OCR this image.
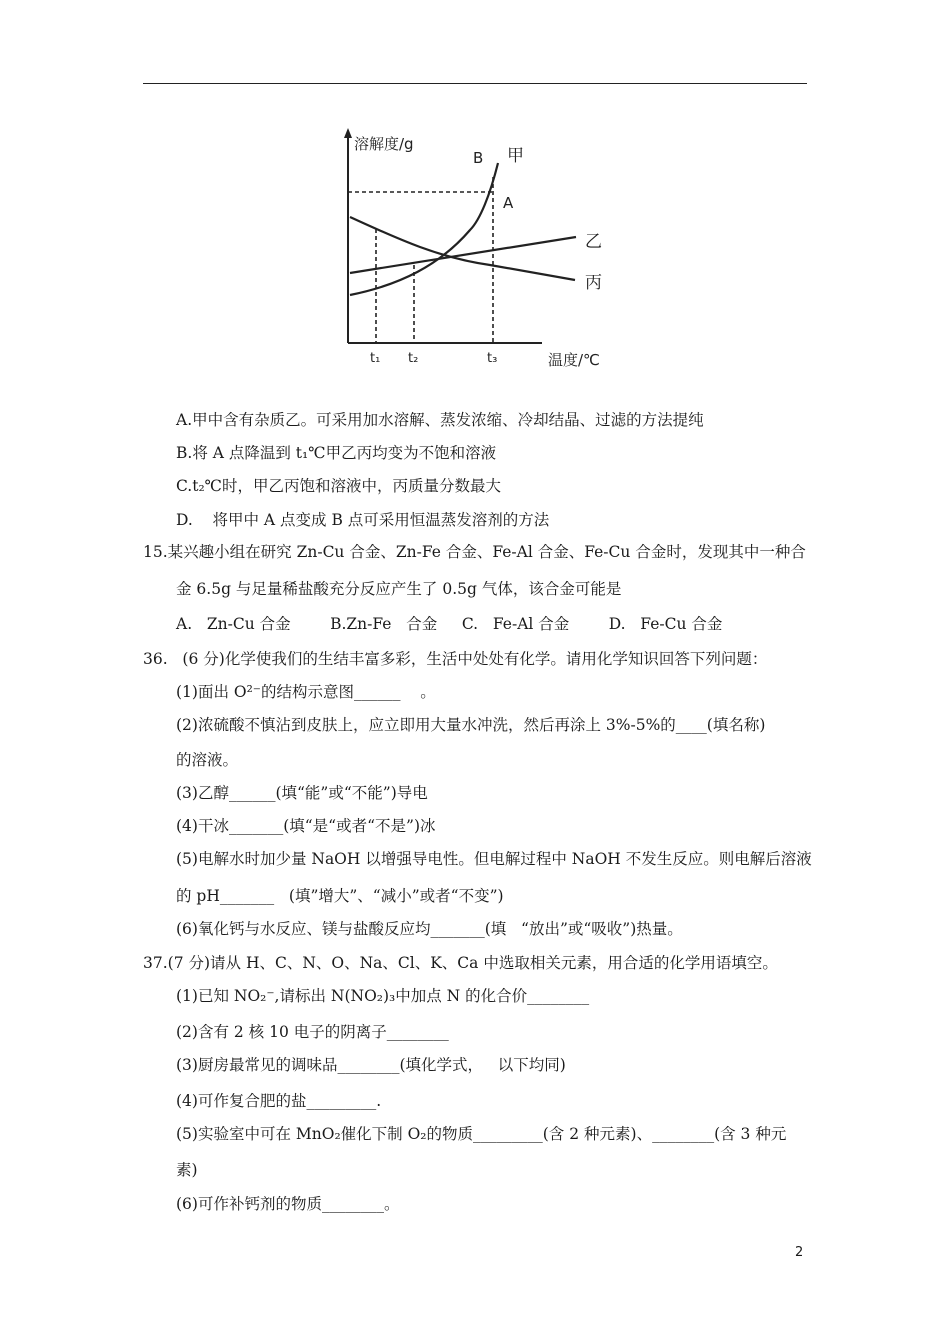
溶解度/g
温度/℃
B
A
甲
乙
丙
t₁ t₂	t₃
A.甲中含有杂质乙。可采用加水溶解、蒸发浓缩、冷却结晶、过滤的方法提纯
B.将 A 点降温到 t₁℃甲乙丙均变为不饱和溶液
C.t₂℃时，甲乙丙饱和溶液中，丙质量分数最大
D.    将甲中 A 点变成 B 点可采用恒温蒸发溶剂的方法
15.某兴趣小组在研究 Zn-Cu 合金、Zn-Fe 合金、Fe-Al 合金、Fe-Cu 合金时，发现其中一种合
金 6.5g 与足量稀盐酸充分反应产生了 0.5g 气体，该合金可能是
A.   Zn-Cu 合金        B.Zn-Fe   合金     C.   Fe-Al 合金        D.   Fe-Cu 合金
36.   (6 分)化学使我们的生结丰富多彩，生活中处处有化学。请用化学知识回答下列问题：
(1)面出 O²⁻的结构示意图______    。
(2)浓硫酸不慎沾到皮肤上，应立即用大量水冲洗，然后再涂上 3%-5%的____(填名称)
的溶液。
(3)乙醇______(填“能”或“不能”)导电
(4)干冰_______(填“是“或者“不是”)冰
(5)电解水时加少量 NaOH 以增强导电性。但电解过程中 NaOH 不发生反应。则电解后溶液
的 pH_______   (填”增大”、“减小”或者“不变”)
(6)氧化钙与水反应、镁与盐酸反应均_______(填   “放出”或“吸收”)热量。
37.(7 分)请从 H、C、N、O、Na、Cl、K、Ca 中选取相关元素，用合适的化学用语填空。
(1)已知 NO₂⁻,请标出 N(NO₂)₃中加点 N 的化合价________
(2)含有 2 核 10 电子的阴离子________
(3)厨房最常见的调味品________(填化学式，   以下均同)
(4)可作复合肥的盐_________.
(5)实验室中可在 MnO₂催化下制 O₂的物质_________(含 2 种元素)、________(含 3 种元
素)
(6)可作补钙剂的物质________。
2
